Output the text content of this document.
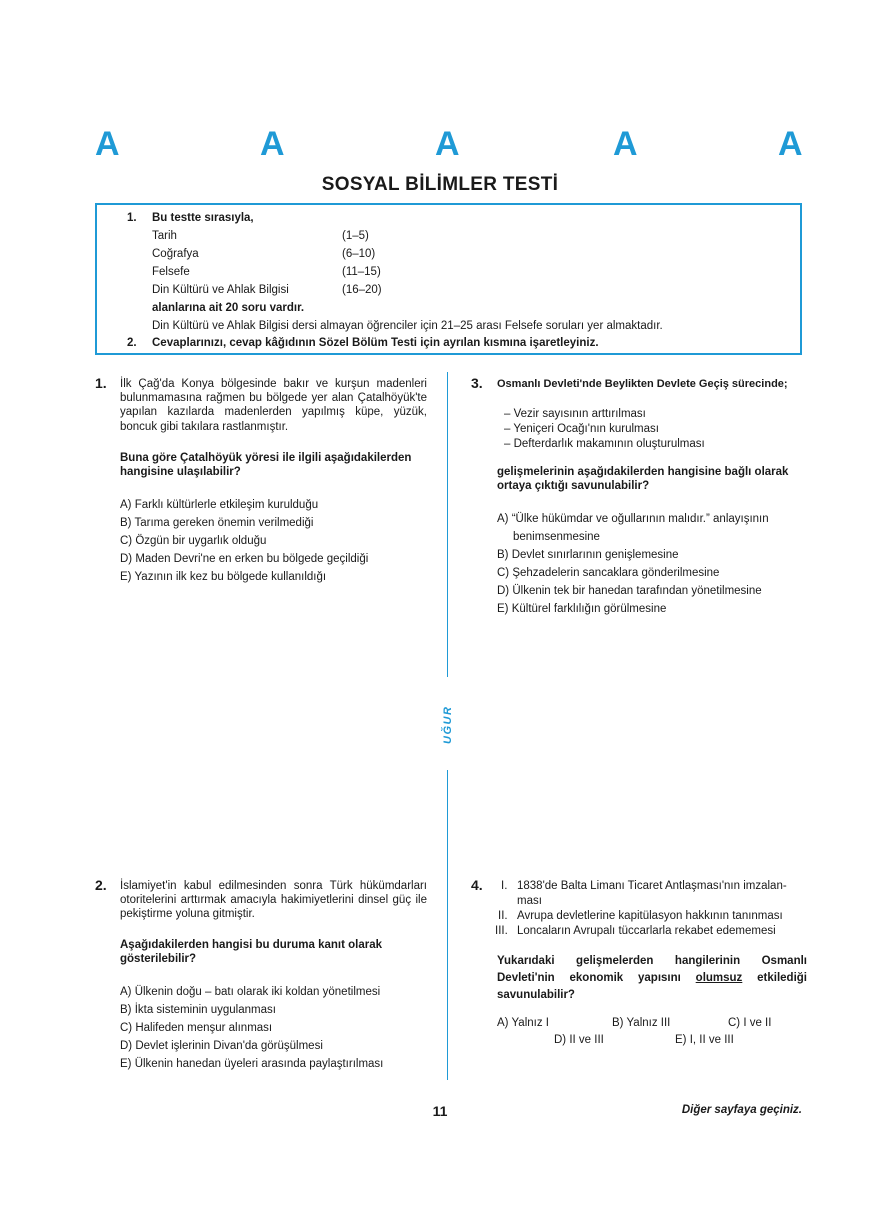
A	A	A	A	A
SOSYAL BİLİMLER TESTİ
1. Bu testte sırasıyla,
Tarih	(1–5)
Coğrafya	(6–10)
Felsefe	(11–15)
Din Kültürü ve Ahlak Bilgisi	(16–20)
alanlarına ait 20 soru vardır.
Din Kültürü ve Ahlak Bilgisi dersi almayan öğrenciler için 21–25 arası Felsefe soruları yer almaktadır.
2. Cevaplarınızı, cevap kâğıdının Sözel Bölüm Testi için ayrılan kısmına işaretleyiniz.
UĞUR
1. İlk Çağ'da Konya bölgesinde bakır ve kurşun madenleri bulunmamasına rağmen bu bölgede yer alan Çatalhöyük'te yapılan kazılarda madenlerden yapılmış küpe, yüzük, boncuk gibi takılara rastlanmıştır.
Buna göre Çatalhöyük yöresi ile ilgili aşağıdakilerden hangisine ulaşılabilir?
A) Farklı kültürlerle etkileşim kurulduğu
B) Tarıma gereken önemin verilmediği
C) Özgün bir uygarlık olduğu
D) Maden Devri'ne en erken bu bölgede geçildiği
E) Yazının ilk kez bu bölgede kullanıldığı
3. Osmanlı Devleti'nde Beylikten Devlete Geçiş sürecinde;
– Vezir sayısının arttırılması
– Yeniçeri Ocağı'nın kurulması
– Defterdarlık makamının oluşturulması
gelişmelerinin aşağıdakilerden hangisine bağlı olarak ortaya çıktığı savunulabilir?
A) “Ülke hükümdar ve oğullarının malıdır.” anlayışının
benimsenmesine
B) Devlet sınırlarının genişlemesine
C) Şehzadelerin sancaklara gönderilmesine
D) Ülkenin tek bir hanedan tarafından yönetilmesine
E) Kültürel farklılığın görülmesine
2. İslamiyet'in kabul edilmesinden sonra Türk hükümdarları otoritelerini arttırmak amacıyla hakimiyetlerini dinsel güç ile pekiştirme yoluna gitmiştir.
Aşağıdakilerden hangisi bu duruma kanıt olarak gösterilebilir?
A) Ülkenin doğu – batı olarak iki koldan yönetilmesi
B) İkta sisteminin uygulanması
C) Halifeden menşur alınması
D) Devlet işlerinin Divan'da görüşülmesi
E) Ülkenin hanedan üyeleri arasında paylaştırılması
4. I. 1838'de Balta Limanı Ticaret Antlaşması'nın imzalan-
ması
II. Avrupa devletlerine kapitülasyon hakkının tanınması
III. Loncaların Avrupalı tüccarlarla rekabet edememesi
Yukarıdaki gelişmelerden hangilerinin Osmanlı Devleti'nin ekonomik yapısını olumsuz etkilediği savunulabilir?
A) Yalnız I	B) Yalnız III	C) I ve II
D) II ve III	E) I, II ve III
11	Diğer sayfaya geçiniz.
